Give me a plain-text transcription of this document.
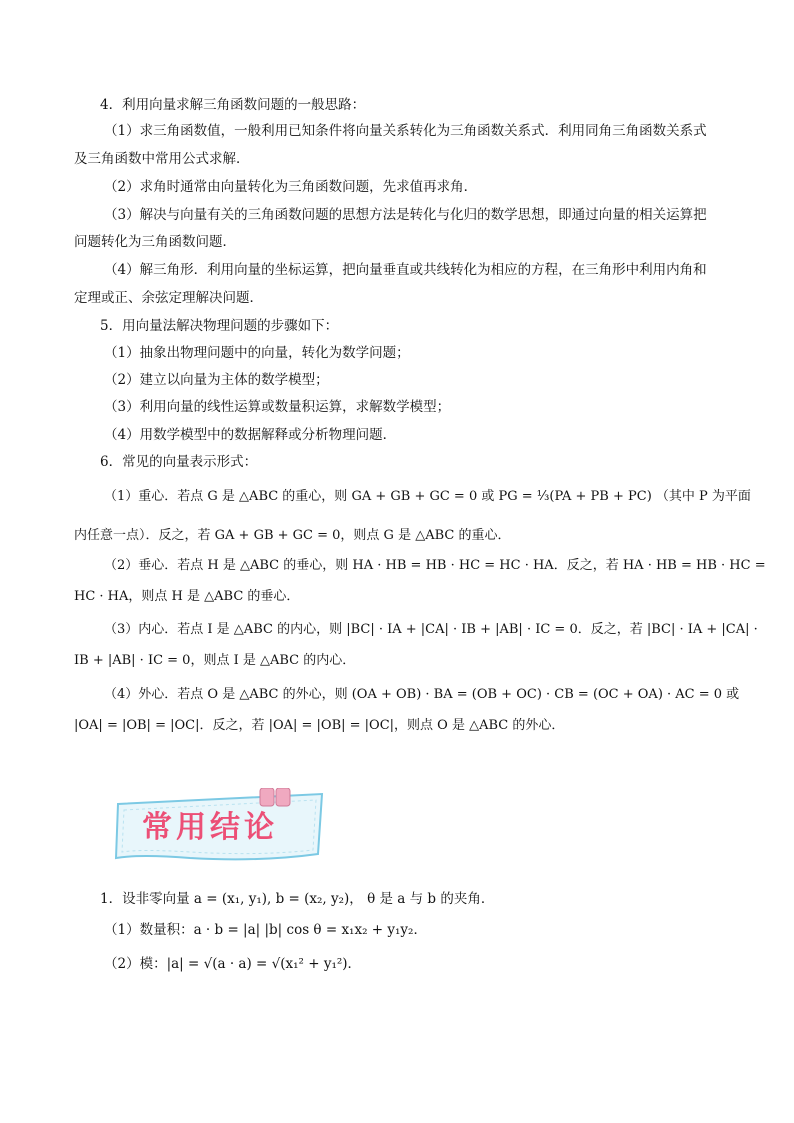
4．利用向量求解三角函数问题的一般思路：
（1）求三角函数值，一般利用已知条件将向量关系转化为三角函数关系式．利用同角三角函数关系式
及三角函数中常用公式求解．
（2）求角时通常由向量转化为三角函数问题，先求值再求角．
（3）解决与向量有关的三角函数问题的思想方法是转化与化归的数学思想，即通过向量的相关运算把
问题转化为三角函数问题．
（4）解三角形．利用向量的坐标运算，把向量垂直或共线转化为相应的方程，在三角形中利用内角和
定理或正、余弦定理解决问题．
5．用向量法解决物理问题的步骤如下：
（1）抽象出物理问题中的向量，转化为数学问题；
（2）建立以向量为主体的数学模型；
（3）利用向量的线性运算或数量积运算，求解数学模型；
（4）用数学模型中的数据解释或分析物理问题．
6．常见的向量表示形式：
（1）重心．若点 G 是 △ABC 的重心，则 GA + GB + GC = 0 或 PG = ⅓(PA + PB + PC) （其中 P 为平面
内任意一点）．反之，若 GA + GB + GC = 0，则点 G 是 △ABC 的重心．
（2）垂心．若点 H 是 △ABC 的垂心，则 HA · HB = HB · HC = HC · HA．反之，若 HA · HB = HB · HC =
HC · HA，则点 H 是 △ABC 的垂心．
（3）内心．若点 I 是 △ABC 的内心，则 |BC| · IA + |CA| · IB + |AB| · IC = 0．反之，若 |BC| · IA + |CA| ·
IB + |AB| · IC = 0，则点 I 是 △ABC 的内心．
（4）外心．若点 O 是 △ABC 的外心，则 (OA + OB) · BA = (OB + OC) · CB = (OC + OA) · AC = 0 或
|OA| = |OB| = |OC|．反之，若 |OA| = |OB| = |OC|，则点 O 是 △ABC 的外心．
常用结论
1．设非零向量 a = (x₁, y₁), b = (x₂, y₂)， θ 是 a 与 b 的夹角．
（1）数量积：a · b = |a| |b| cos θ = x₁x₂ + y₁y₂．
（2）模：|a| = √(a · a) = √(x₁² + y₁²)．
